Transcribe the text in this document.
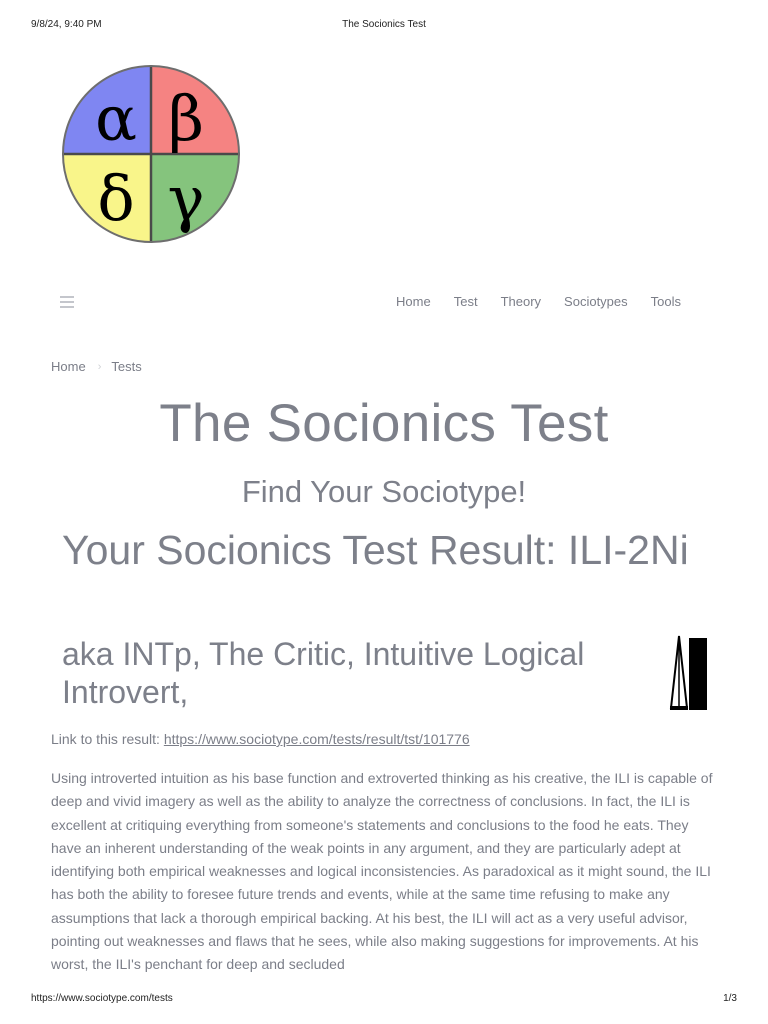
9/8/24, 9:40 PM	The Socionics Test
α β
δ γ
Home Test Theory Sociotypes Tools
Home › Tests
The Socionics Test
Find Your Sociotype!
Your Socionics Test Result: ILI-2Ni
aka INTp, The Critic, Intuitive Logical Introvert,
Link to this result: https://www.sociotype.com/tests/result/tst/101776

Using introverted intuition as his base function and extroverted thinking as his creative, the ILI is capable of deep and vivid imagery as well as the ability to analyze the correctness of conclusions. In fact, the ILI is excellent at critiquing everything from someone's statements and conclusions to the food he eats. They have an inherent understanding of the weak points in any argument, and they are particularly adept at identifying both empirical weaknesses and logical inconsistencies. As paradoxical as it might sound, the ILI has both the ability to foresee future trends and events, while at the same time refusing to make any assumptions that lack a thorough empirical backing. At his best, the ILI will act as a very useful advisor, pointing out weaknesses and flaws that he sees, while also making suggestions for improvements. At his worst, the ILI's penchant for deep and secluded

https://www.sociotype.com/tests	1/3
